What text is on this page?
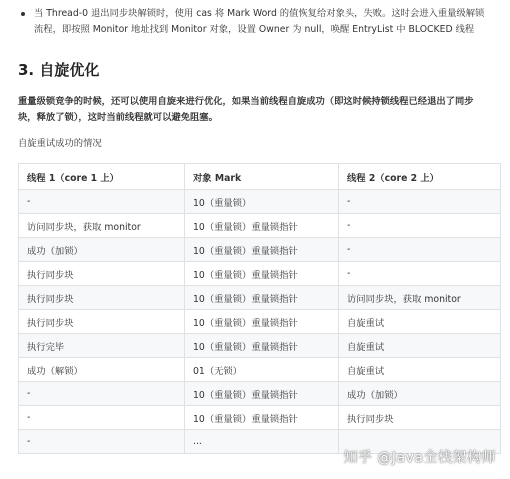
当 Thread-0 退出同步块解锁时，使用 cas 将 Mark Word 的值恢复给对象头，失败。这时会进入重量级解锁
流程，即按照 Monitor 地址找到 Monitor 对象，设置 Owner 为 null，唤醒 EntryList 中 BLOCKED 线程
3. 自旋优化
重量级锁竞争的时候，还可以使用自旋来进行优化，如果当前线程自旋成功（即这时候持锁线程已经退出了同步
块，释放了锁），这时当前线程就可以避免阻塞。
自旋重试成功的情况
线程 1（core 1 上）	对象 Mark	线程 2（core 2 上）
-	10（重量锁）	-
访问同步块，获取 monitor	10（重量锁）重量锁指针	-
成功（加锁）	10（重量锁）重量锁指针	-
执行同步块	10（重量锁）重量锁指针	-
执行同步块	10（重量锁）重量锁指针	访问同步块，获取 monitor
执行同步块	10（重量锁）重量锁指针	自旋重试
执行完毕	10（重量锁）重量锁指针	自旋重试
成功（解锁）	01（无锁）	自旋重试
-	10（重量锁）重量锁指针	成功（加锁）
-	10（重量锁）重量锁指针	执行同步块
-	...	
知乎 @Java全栈架构师
